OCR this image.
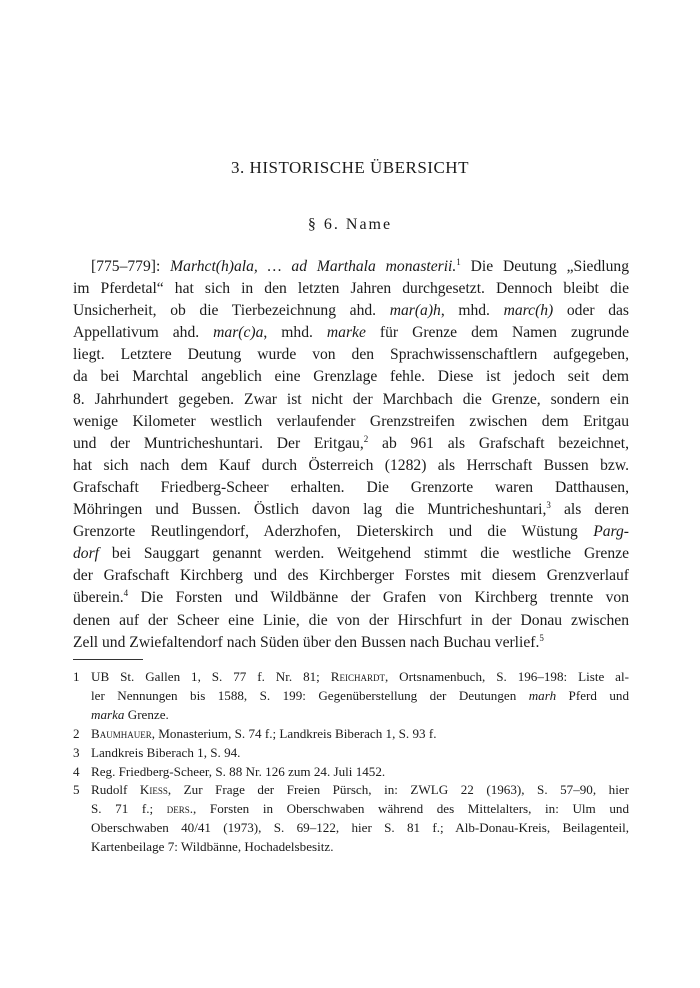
3. HISTORISCHE ÜBERSICHT
§ 6. Name
[775–779]: Marhct(h)ala, … ad Marthala monasterii.$^1$ Die Deutung „Siedlung
im Pferdetal“ hat sich in den letzten Jahren durchgesetzt. Dennoch bleibt die
Unsicherheit, ob die Tierbezeichnung ahd. mar(a)h, mhd. marc(h) oder das
Appellativum ahd. mar(c)a, mhd. marke für Grenze dem Namen zugrunde
liegt. Letztere Deutung wurde von den Sprachwissenschaftlern aufgegeben,
da bei Marchtal angeblich eine Grenzlage fehle. Diese ist jedoch seit dem
8. Jahrhundert gegeben. Zwar ist nicht der Marchbach die Grenze, sondern ein
wenige Kilometer westlich verlaufender Grenzstreifen zwischen dem Eritgau
und der Muntricheshuntari. Der Eritgau,$^2$ ab 961 als Grafschaft bezeichnet,
hat sich nach dem Kauf durch Österreich (1282) als Herrschaft Bussen bzw.
Grafschaft Friedberg-Scheer erhalten. Die Grenzorte waren Datthausen,
Möhringen und Bussen. Östlich davon lag die Muntricheshuntari,$^3$ als deren
Grenzorte Reutlingendorf, Aderzhofen, Dieterskirch und die Wüstung Parg-
dorf bei Sauggart genannt werden. Weitgehend stimmt die westliche Grenze
der Grafschaft Kirchberg und des Kirchberger Forstes mit diesem Grenzverlauf
überein.$^4$ Die Forsten und Wildbänne der Grafen von Kirchberg trennte von
denen auf der Scheer eine Linie, die von der Hirschfurt in der Donau zwischen
Zell und Zwiefaltendorf nach Süden über den Bussen nach Buchau verlief.$^5$
1 UB St. Gallen 1, S. 77 f. Nr. 81; Reichardt, Ortsnamenbuch, S. 196–198: Liste al-
ler Nennungen bis 1588, S. 199: Gegenüberstellung der Deutungen marh Pferd und
marka Grenze.
2 Baumhauer, Monasterium, S. 74 f.; Landkreis Biberach 1, S. 93 f.
3 Landkreis Biberach 1, S. 94.
4 Reg. Friedberg-Scheer, S. 88 Nr. 126 zum 24. Juli 1452.
5 Rudolf Kiess, Zur Frage der Freien Pürsch, in: ZWLG 22 (1963), S. 57–90, hier
S. 71 f.; ders., Forsten in Oberschwaben während des Mittelalters, in: Ulm und
Oberschwaben 40/41 (1973), S. 69–122, hier S. 81 f.; Alb-Donau-Kreis, Beilagenteil,
Kartenbeilage 7: Wildbänne, Hochadelsbesitz.
